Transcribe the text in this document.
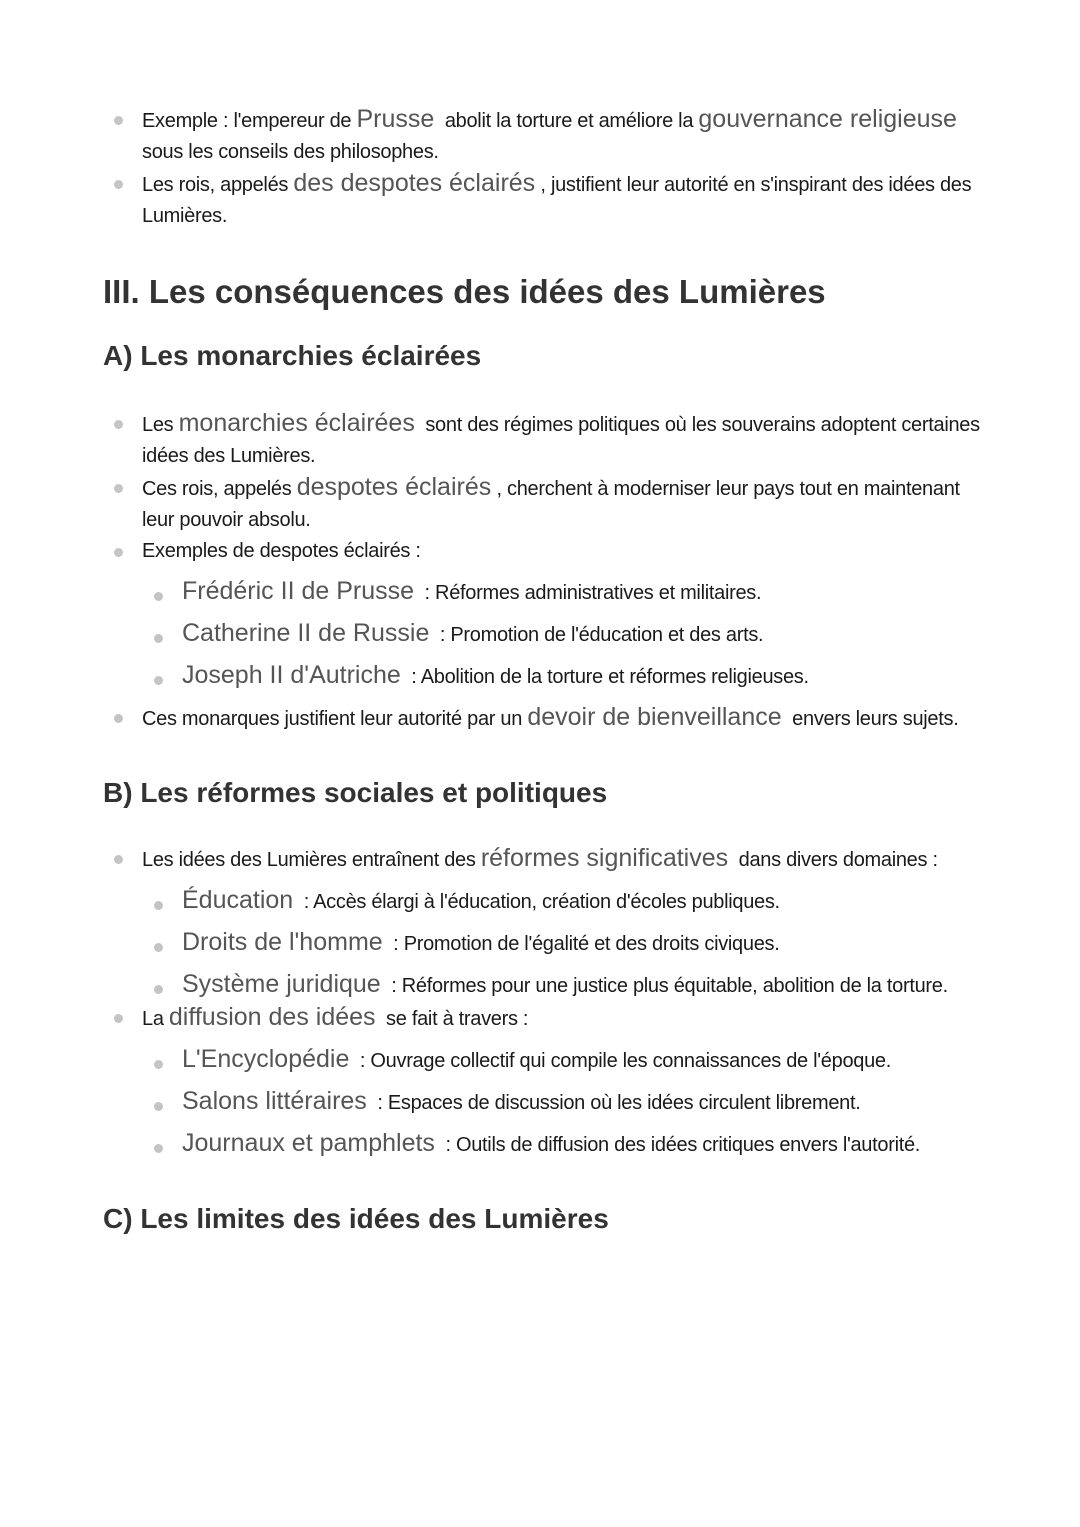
Exemple : l'empereur de Prusse  abolit la torture et améliore la gouvernance religieuse  sous les conseils des philosophes.
Les rois, appelés des despotes éclairés , justifient leur autorité en s'inspirant des idées des Lumières.
III. Les conséquences des idées des Lumières
A) Les monarchies éclairées
Les monarchies éclairées  sont des régimes politiques où les souverains adoptent certaines idées des Lumières.
Ces rois, appelés despotes éclairés , cherchent à moderniser leur pays tout en maintenant leur pouvoir absolu.
Exemples de despotes éclairés :
Frédéric II de Prusse  : Réformes administratives et militaires.
Catherine II de Russie  : Promotion de l'éducation et des arts.
Joseph II d'Autriche  : Abolition de la torture et réformes religieuses.
Ces monarques justifient leur autorité par un devoir de bienveillance  envers leurs sujets.
B) Les réformes sociales et politiques
Les idées des Lumières entraînent des réformes significatives  dans divers domaines :
Éducation  : Accès élargi à l'éducation, création d'écoles publiques.
Droits de l'homme  : Promotion de l'égalité et des droits civiques.
Système juridique  : Réformes pour une justice plus équitable, abolition de la torture.
La diffusion des idées  se fait à travers :
L'Encyclopédie  : Ouvrage collectif qui compile les connaissances de l'époque.
Salons littéraires  : Espaces de discussion où les idées circulent librement.
Journaux et pamphlets  : Outils de diffusion des idées critiques envers l'autorité.
C) Les limites des idées des Lumières
